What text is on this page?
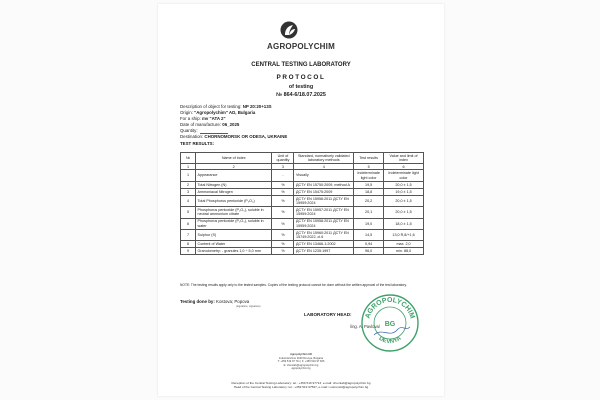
AGROPOLYCHIM
CENTRAL TESTING LABORATORY
PROTOCOL
of testing
№ 864-6/18.07.2025
Description of object for testing: NP 20:20+13S
Origin: "Agropolychim" AD, Bulgaria
For a ship: mv "ATA 2"
Date of manufacture: 06_2025
Quantity:
Destination: CHORNOMORSK OR ODESA, UKRAINE
TEST RESULTS:
№	Name of index	Unit of quantity	Standard, normatively validated laboratory methods	Test results	Value and limit of index
1	2	3	4	5	6
1	Appearance	-	Visually	Indeterminate light color	Indeterminate light color
2	Total Nitrogen (N)	%	ДСТУ EN 15750:2009, method A	19,5	20,0 ± 1,5
3	Ammoniacal Nitrogen	%	ДСТУ EN 15475:2009	18,8	19,0 ± 1,5
4	Total Phosphorus pentoxide (P₂O₅)	%	ДСТУ EN 15956:2011 ДСТУ EN 15959:2024	20,2	20,0 ± 1,5
5	Phosphorus pentoxide (P₂O₅), soluble in neutral ammonium citrate	%	ДСТУ EN 15957:2011 ДСТУ EN 15959:2024	20,1	20,0 ± 1,5
6	Phosphorus pentoxide (P₂O₅), soluble in water	%	ДСТУ EN 15958:2011 ДСТУ EN 15959:2024	19,0	18,0 ± 1,5
7	Sulphur (S)	%	ДСТУ EN 15960:2011 ДСТУ EN 15749:2022, cl.6	14,5	13,0 R,8/+1,6
8	Content of Water	%	ДСТУ EN 13466-1:2002	0,94	max. 2,0
9	Granulometry: - granules 1,0 ÷ 5,0 mm	%	ДСТУ EN 1235:1997	96,0	min. 88,0
NOTE: The testing results apply only to the tested samples. Copies of the testing protocol cannot be done without the written approval of the test laboratory.
Testing done by: Kostova; Popova
(signature, signature)
LABORATORY HEAD:
/ing. A. Pavlova/
AGROPOLYCHIM
DEVNYA
BG
Agropolychim AD
Industrial Zone 9160 Devnya, Bulgaria
T: +359 519 97 711 | F: +359 519 97 666
E: chemlab@agropolychim.bg
agropolychim.bg
Reception of the Central Testing Laboratory: tel.: +359 519 97713, e-mail: chemlab@agropolychim.bg
Head of the Central Testing Laboratory: tel.: +359 519 97597, e-mail: l.ostrovski@agropolychim.bg
